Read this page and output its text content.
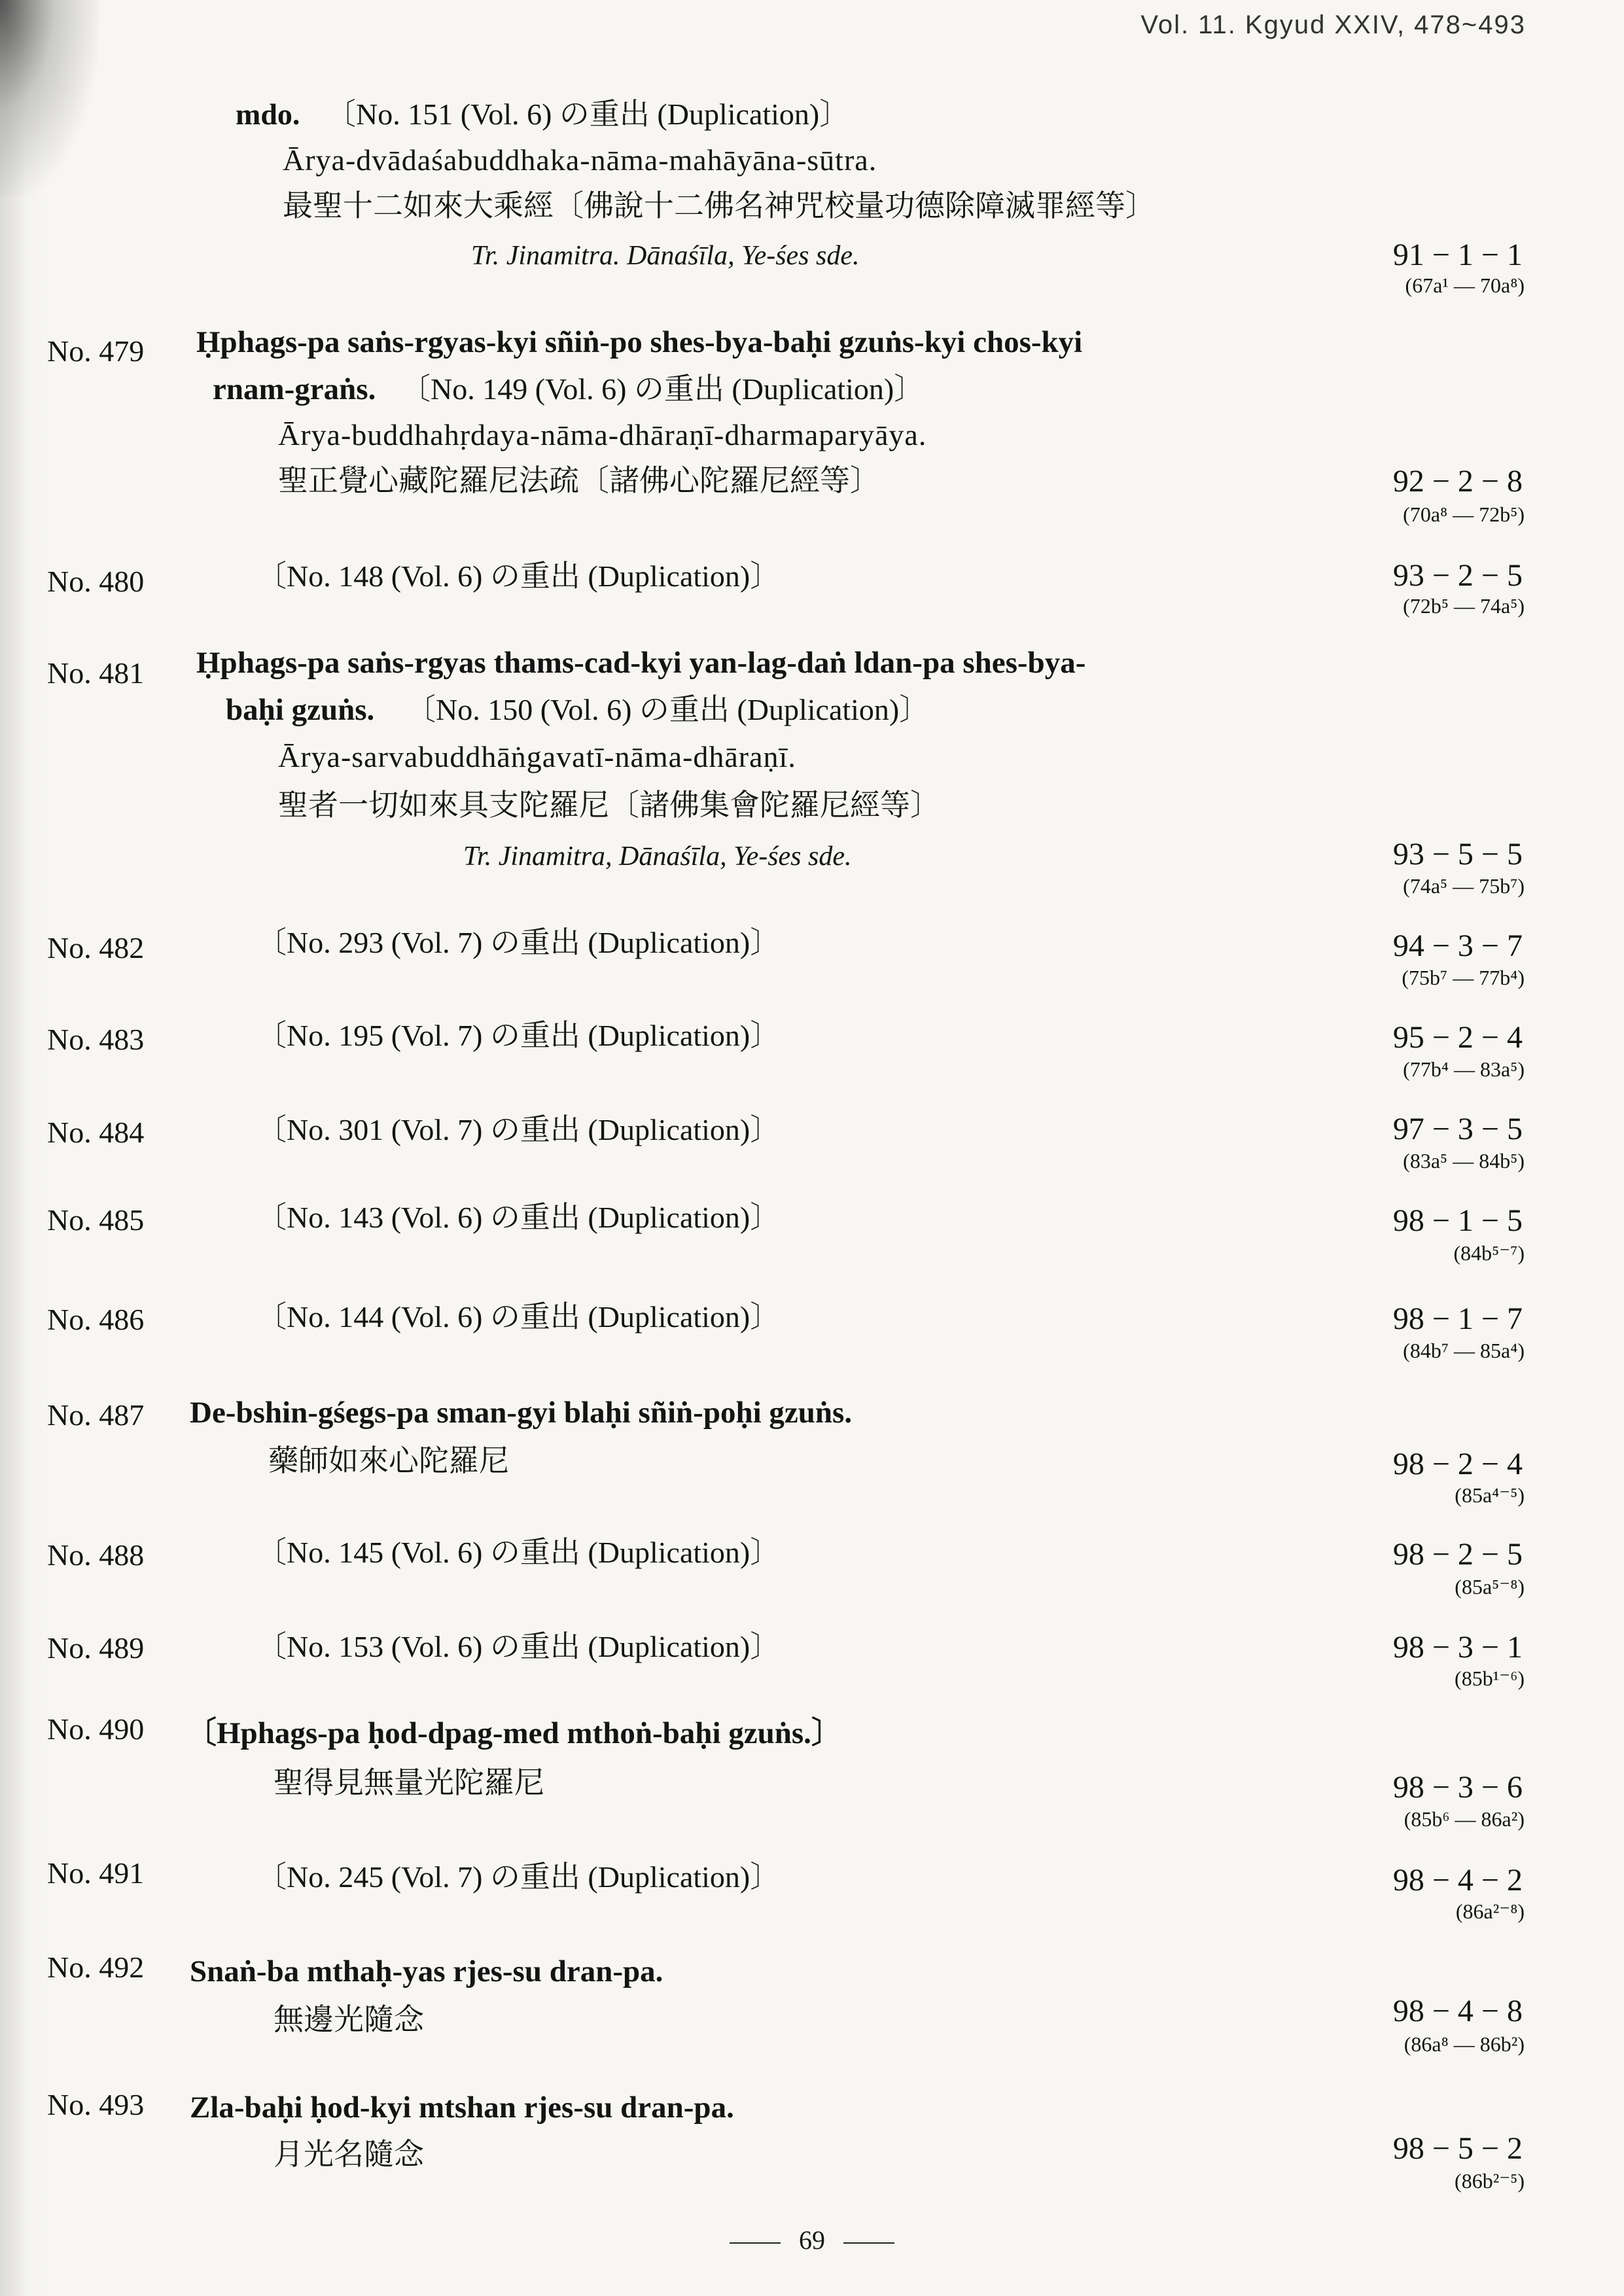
Vol. 11. Kgyud XXIV, 478~493
mdo. 〔No. 151 (Vol. 6) の重出 (Duplication)〕
Ārya-dvādaśabuddhaka-nāma-mahāyāna-sūtra.
最聖十二如來大乘經〔佛說十二佛名神咒校量功德除障滅罪經等〕
Tr. Jinamitra. Dānaśīla, Ye-śes sde.	91 − 1 − 1
(67a¹ — 70a⁸)
No. 479 Ḥphags-pa saṅs-rgyas-kyi sñiṅ-po shes-bya-baḥi gzuṅs-kyi chos-kyi
rnam-graṅs. 〔No. 149 (Vol. 6) の重出 (Duplication)〕
Ārya-buddhahṛdaya-nāma-dhāraṇī-dharmaparyāya.
聖正覺心藏陀羅尼法疏〔諸佛心陀羅尼經等〕	92 − 2 − 8
(70a⁸ — 72b⁵)
No. 480	〔No. 148 (Vol. 6) の重出 (Duplication)〕	93 − 2 − 5
(72b⁵ — 74a⁵)
No. 481 Ḥphags-pa saṅs-rgyas thams-cad-kyi yan-lag-daṅ ldan-pa shes-bya-
baḥi gzuṅs. 〔No. 150 (Vol. 6) の重出 (Duplication)〕
Ārya-sarvabuddhāṅgavatī-nāma-dhāraṇī.
聖者一切如來具支陀羅尼〔諸佛集會陀羅尼經等〕
Tr. Jinamitra, Dānaśīla, Ye-śes sde.	93 − 5 − 5
(74a⁵ — 75b⁷)
No. 482	〔No. 293 (Vol. 7) の重出 (Duplication)〕	94 − 3 − 7
(75b⁷ — 77b⁴)
No. 483	〔No. 195 (Vol. 7) の重出 (Duplication)〕	95 − 2 − 4
(77b⁴ — 83a⁵)
No. 484	〔No. 301 (Vol. 7) の重出 (Duplication)〕	97 − 3 − 5
(83a⁵ — 84b⁵)
No. 485	〔No. 143 (Vol. 6) の重出 (Duplication)〕	98 − 1 − 5
(84b⁵⁻⁷)
No. 486	〔No. 144 (Vol. 6) の重出 (Duplication)〕	98 − 1 − 7
(84b⁷ — 85a⁴)
No. 487 De-bshin-gśegs-pa sman-gyi blaḥi sñiṅ-poḥi gzuṅs.
藥師如來心陀羅尼	98 − 2 − 4
(85a⁴⁻⁵)
No. 488	〔No. 145 (Vol. 6) の重出 (Duplication)〕	98 − 2 − 5
(85a⁵⁻⁸)
No. 489	〔No. 153 (Vol. 6) の重出 (Duplication)〕	98 − 3 − 1
(85b¹⁻⁶)
No. 490 〔Hphags-pa ḥod-dpag-med mthoṅ-baḥi gzuṅs.〕
聖得見無量光陀羅尼	98 − 3 − 6
(85b⁶ — 86a²)
No. 491	〔No. 245 (Vol. 7) の重出 (Duplication)〕	98 − 4 − 2
(86a²⁻⁸)
No. 492 Snaṅ-ba mthaḥ-yas rjes-su dran-pa.
無邊光隨念	98 − 4 − 8
(86a⁸ — 86b²)
No. 493 Zla-baḥi ḥod-kyi mtshan rjes-su dran-pa.
月光名隨念	98 − 5 − 2
(86b²⁻⁵)
69
